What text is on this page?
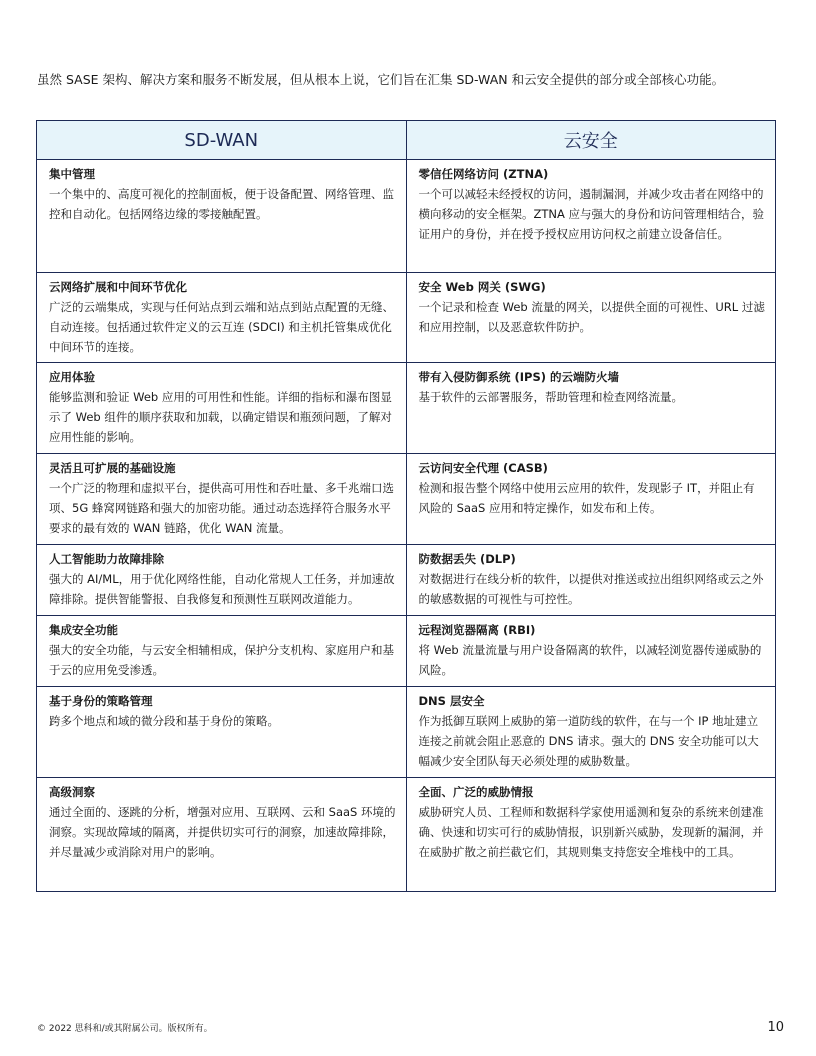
虽然 SASE 架构、解决方案和服务不断发展，但从根本上说，它们旨在汇集 SD-WAN 和云安全提供的部分或全部核心功能。
SD-WAN	云安全
集中管理
一个集中的、高度可视化的控制面板，便于设备配置、网络管理、监控和自动化。包括网络边缘的零接触配置。
零信任网络访问 (ZTNA)
一个可以减轻未经授权的访问，遏制漏洞，并减少攻击者在网络中的横向移动的安全框架。ZTNA 应与强大的身份和访问管理相结合，验证用户的身份，并在授予授权应用访问权之前建立设备信任。
云网络扩展和中间环节优化
广泛的云端集成，实现与任何站点到云端和站点到站点配置的无缝、自动连接。包括通过软件定义的云互连 (SDCI) 和主机托管集成优化中间环节的连接。
安全 Web 网关 (SWG)
一个记录和检查 Web 流量的网关，以提供全面的可视性、URL 过滤和应用控制，以及恶意软件防护。
应用体验
能够监测和验证 Web 应用的可用性和性能。详细的指标和瀑布图显示了 Web 组件的顺序获取和加载，以确定错误和瓶颈问题，了解对应用性能的影响。
带有入侵防御系统 (IPS) 的云端防火墙
基于软件的云部署服务，帮助管理和检查网络流量。
灵活且可扩展的基础设施
一个广泛的物理和虚拟平台，提供高可用性和吞吐量、多千兆端口选项、5G 蜂窝网链路和强大的加密功能。通过动态选择符合服务水平要求的最有效的 WAN 链路，优化 WAN 流量。
云访问安全代理 (CASB)
检测和报告整个网络中使用云应用的软件，发现影子 IT，并阻止有风险的 SaaS 应用和特定操作，如发布和上传。
人工智能助力故障排除
强大的 AI/ML，用于优化网络性能，自动化常规人工任务，并加速故障排除。提供智能警报、自我修复和预测性互联网改道能力。
防数据丢失 (DLP)
对数据进行在线分析的软件，以提供对推送或拉出组织网络或云之外的敏感数据的可视性与可控性。
集成安全功能
强大的安全功能，与云安全相辅相成，保护分支机构、家庭用户和基于云的应用免受渗透。
远程浏览器隔离 (RBI)
将 Web 流量流量与用户设备隔离的软件，以减轻浏览器传递威胁的风险。
基于身份的策略管理
跨多个地点和域的微分段和基于身份的策略。
DNS 层安全
作为抵御互联网上威胁的第一道防线的软件，在与一个 IP 地址建立连接之前就会阻止恶意的 DNS 请求。强大的 DNS 安全功能可以大幅减少安全团队每天必须处理的威胁数量。
高级洞察
通过全面的、逐跳的分析，增强对应用、互联网、云和 SaaS 环境的洞察。实现故障域的隔离，并提供切实可行的洞察，加速故障排除，并尽量减少或消除对用户的影响。
全面、广泛的威胁情报
威胁研究人员、工程师和数据科学家使用遥测和复杂的系统来创建准确、快速和切实可行的威胁情报，识别新兴威胁，发现新的漏洞，并在威胁扩散之前拦截它们，其规则集支持您安全堆栈中的工具。
© 2022 思科和/或其附属公司。版权所有。	10
